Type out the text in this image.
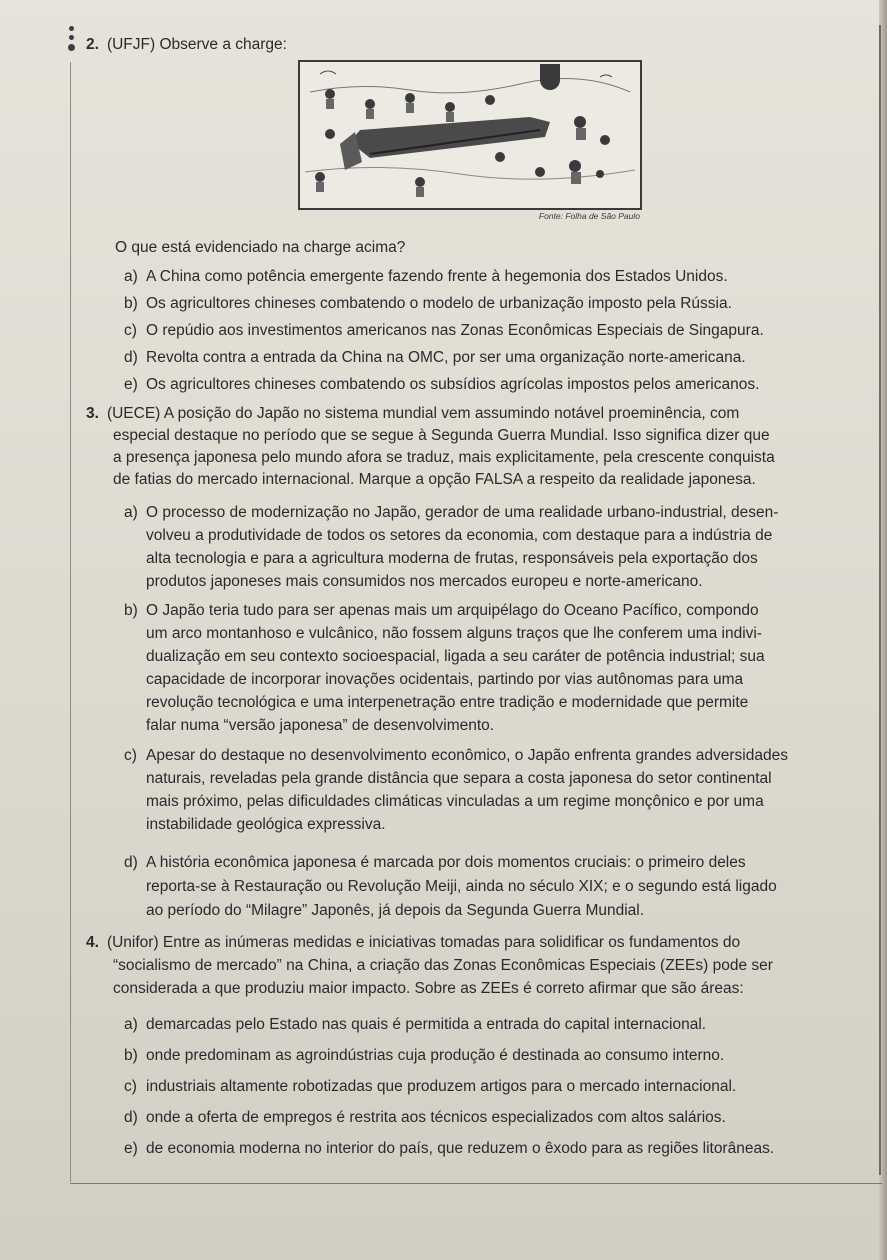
2. (UFJF) Observe a charge:
Fonte: Folha de São Paulo
O que está evidenciado na charge acima?
a) A China como potência emergente fazendo frente à hegemonia dos Estados Unidos.
b) Os agricultores chineses combatendo o modelo de urbanização imposto pela Rússia.
c) O repúdio aos investimentos americanos nas Zonas Econômicas Especiais de Singapura.
d) Revolta contra a entrada da China na OMC, por ser uma organização norte-americana.
e) Os agricultores chineses combatendo os subsídios agrícolas impostos pelos americanos.
3. (UECE) A posição do Japão no sistema mundial vem assumindo notável proeminência, com
especial destaque no período que se segue à Segunda Guerra Mundial. Isso significa dizer que
a presença japonesa pelo mundo afora se traduz, mais explicitamente, pela crescente conquista
de fatias do mercado internacional. Marque a opção FALSA a respeito da realidade japonesa.
a) O processo de modernização no Japão, gerador de uma realidade urbano-industrial, desen-
volveu a produtividade de todos os setores da economia, com destaque para a indústria de
alta tecnologia e para a agricultura moderna de frutas, responsáveis pela exportação dos
produtos japoneses mais consumidos nos mercados europeu e norte-americano.
b) O Japão teria tudo para ser apenas mais um arquipélago do Oceano Pacífico, compondo
um arco montanhoso e vulcânico, não fossem alguns traços que lhe conferem uma indivi-
dualização em seu contexto socioespacial, ligada a seu caráter de potência industrial; sua
capacidade de incorporar inovações ocidentais, partindo por vias autônomas para uma
revolução tecnológica e uma interpenetração entre tradição e modernidade que permite
falar numa “versão japonesa” de desenvolvimento.
c) Apesar do destaque no desenvolvimento econômico, o Japão enfrenta grandes adversidades
naturais, reveladas pela grande distância que separa a costa japonesa do setor continental
mais próximo, pelas dificuldades climáticas vinculadas a um regime monçônico e por uma
instabilidade geológica expressiva.
d) A história econômica japonesa é marcada por dois momentos cruciais: o primeiro deles
reporta-se à Restauração ou Revolução Meiji, ainda no século XIX; e o segundo está ligado
ao período do “Milagre” Japonês, já depois da Segunda Guerra Mundial.
4. (Unifor) Entre as inúmeras medidas e iniciativas tomadas para solidificar os fundamentos do
“socialismo de mercado” na China, a criação das Zonas Econômicas Especiais (ZEEs) pode ser
considerada a que produziu maior impacto. Sobre as ZEEs é correto afirmar que são áreas:
a) demarcadas pelo Estado nas quais é permitida a entrada do capital internacional.
b) onde predominam as agroindústrias cuja produção é destinada ao consumo interno.
c) industriais altamente robotizadas que produzem artigos para o mercado internacional.
d) onde a oferta de empregos é restrita aos técnicos especializados com altos salários.
e) de economia moderna no interior do país, que reduzem o êxodo para as regiões litorâneas.
